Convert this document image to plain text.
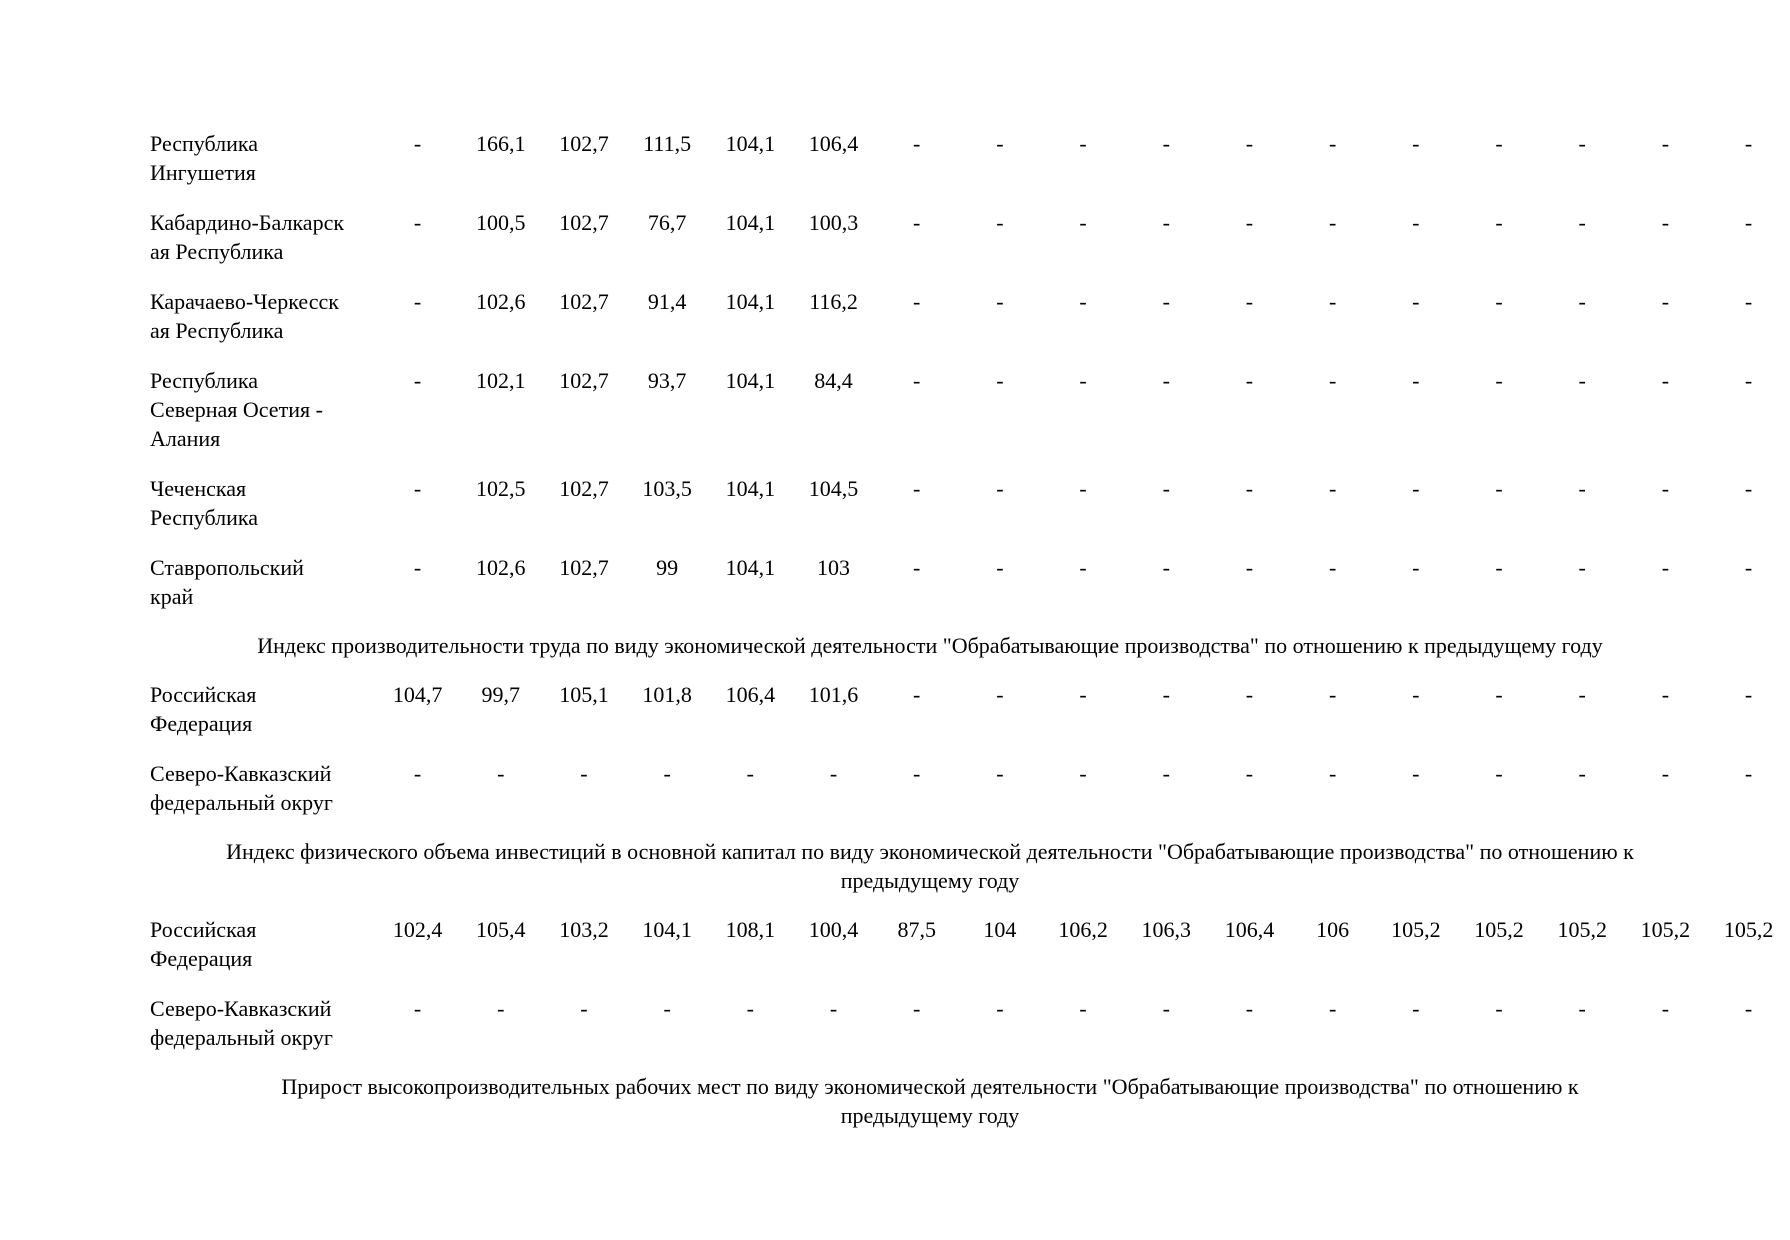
Республика
Ингушетия
-	166,1	102,7	111,5	104,1	106,4	-	-	-	-	-	-	-	-	-	-	-
Кабардино-Балкарск
ая Республика
-	100,5	102,7	76,7	104,1	100,3	-	-	-	-	-	-	-	-	-	-	-
Карачаево-Черкесск
ая Республика
-	102,6	102,7	91,4	104,1	116,2	-	-	-	-	-	-	-	-	-	-	-
Республика
Северная Осетия -
Алания
-	102,1	102,7	93,7	104,1	84,4	-	-	-	-	-	-	-	-	-	-	-
Чеченская
Республика
-	102,5	102,7	103,5	104,1	104,5	-	-	-	-	-	-	-	-	-	-	-
Ставропольский
край
-	102,6	102,7	99	104,1	103	-	-	-	-	-	-	-	-	-	-	-
Индекс производительности труда по виду экономической деятельности "Обрабатывающие производства" по отношению к предыдущему году
Российская
Федерация
104,7	99,7	105,1	101,8	106,4	101,6	-	-	-	-	-	-	-	-	-	-	-
Северо-Кавказский
федеральный округ
-	-	-	-	-	-	-	-	-	-	-	-	-	-	-	-	-
Индекс физического объема инвестиций в основной капитал по виду экономической деятельности "Обрабатывающие производства" по отношению к
предыдущему году
Российская
Федерация
102,4	105,4	103,2	104,1	108,1	100,4	87,5	104	106,2	106,3	106,4	106	105,2	105,2	105,2	105,2	105,2
Северо-Кавказский
федеральный округ
-	-	-	-	-	-	-	-	-	-	-	-	-	-	-	-	-
Прирост высокопроизводительных рабочих мест по виду экономической деятельности "Обрабатывающие производства" по отношению к
предыдущему году
